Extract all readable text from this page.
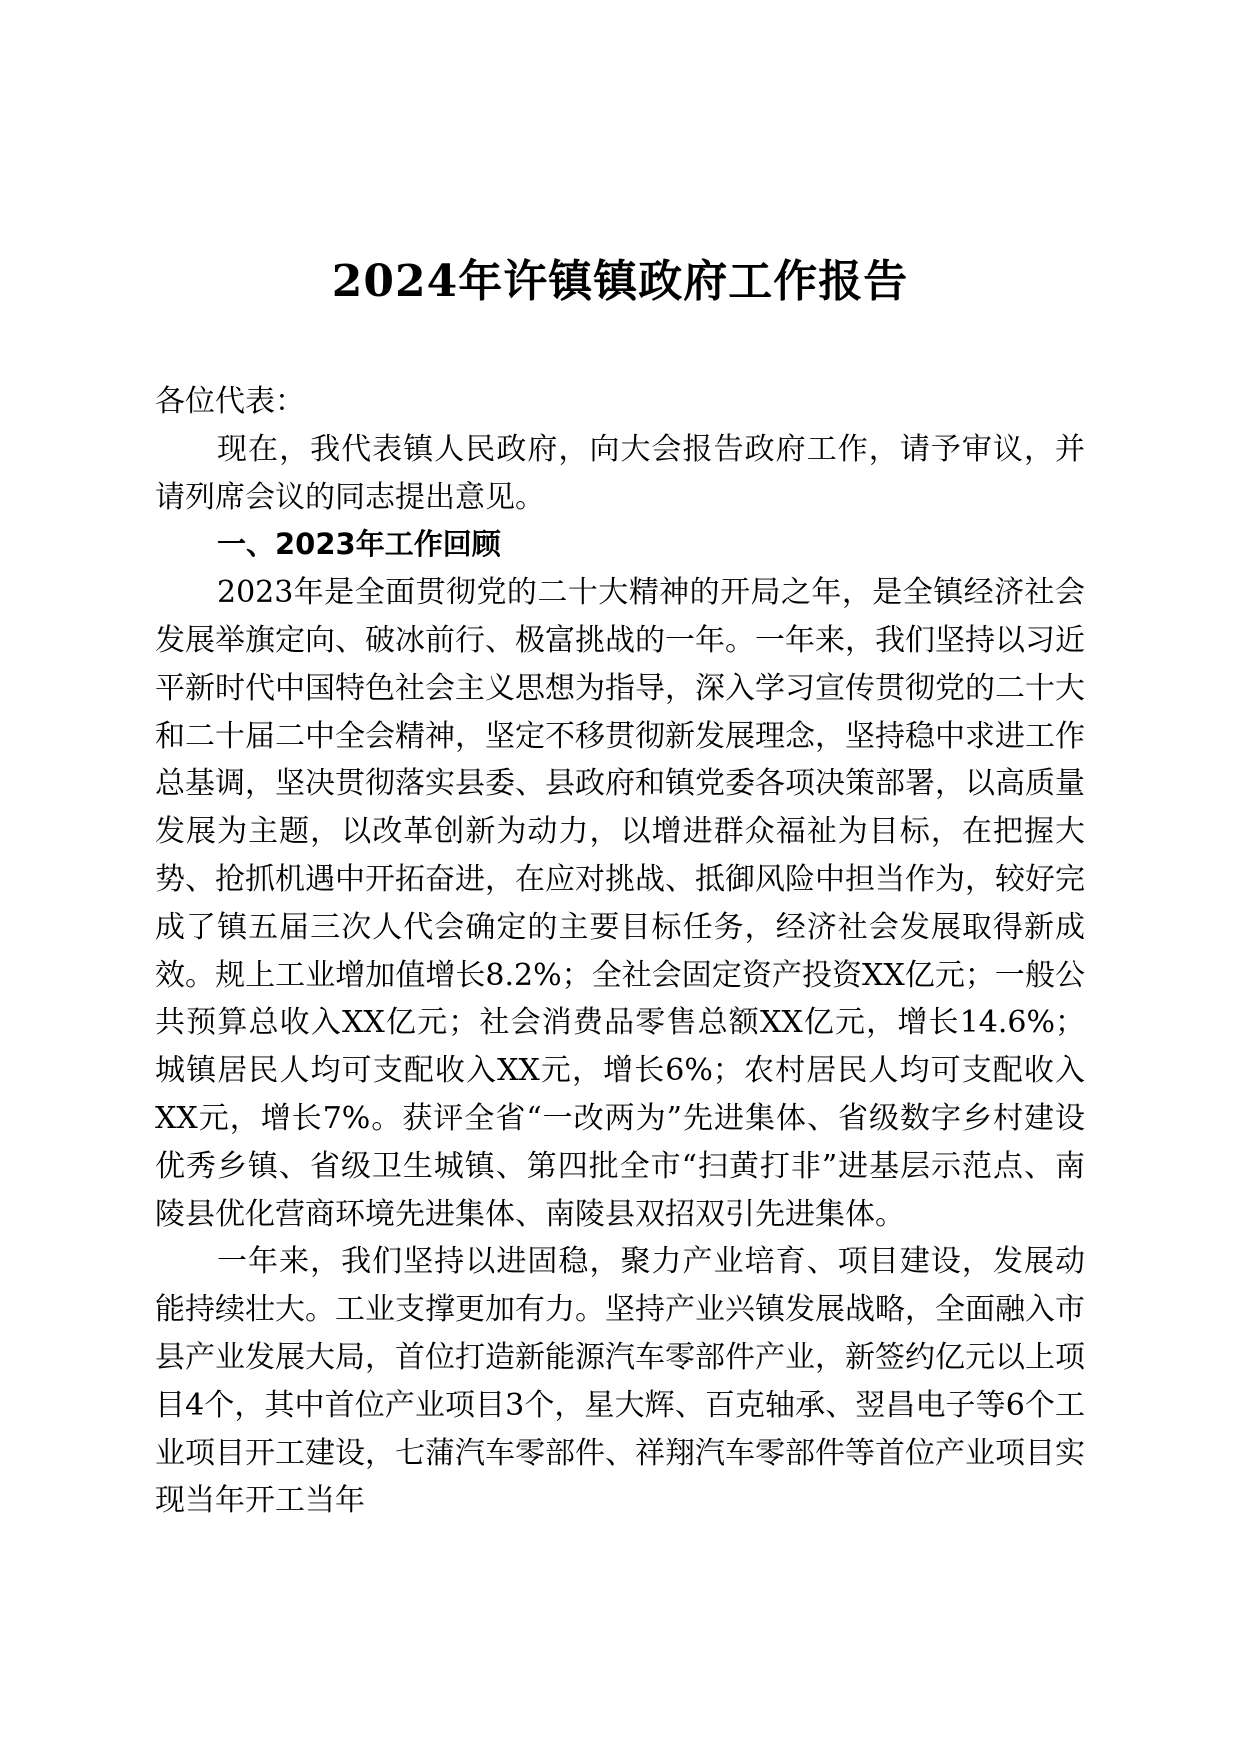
2024年许镇镇政府工作报告

各位代表：

现在，我代表镇人民政府，向大会报告政府工作，请予审议，并请列席会议的同志提出意见。

一、2023年工作回顾

2023年是全面贯彻党的二十大精神的开局之年，是全镇经济社会发展举旗定向、破冰前行、极富挑战的一年。一年来，我们坚持以习近平新时代中国特色社会主义思想为指导，深入学习宣传贯彻党的二十大和二十届二中全会精神，坚定不移贯彻新发展理念，坚持稳中求进工作总基调，坚决贯彻落实县委、县政府和镇党委各项决策部署，以高质量发展为主题，以改革创新为动力，以增进群众福祉为目标，在把握大势、抢抓机遇中开拓奋进，在应对挑战、抵御风险中担当作为，较好完成了镇五届三次人代会确定的主要目标任务，经济社会发展取得新成效。规上工业增加值增长8.2%；全社会固定资产投资XX亿元；一般公共预算总收入XX亿元；社会消费品零售总额XX亿元，增长14.6%；城镇居民人均可支配收入XX元，增长6%；农村居民人均可支配收入XX元，增长7%。获评全省“一改两为”先进集体、省级数字乡村建设优秀乡镇、省级卫生城镇、第四批全市“扫黄打非”进基层示范点、南陵县优化营商环境先进集体、南陵县双招双引先进集体。

一年来，我们坚持以进固稳，聚力产业培育、项目建设，发展动能持续壮大。工业支撑更加有力。坚持产业兴镇发展战略，全面融入市县产业发展大局，首位打造新能源汽车零部件产业，新签约亿元以上项目4个，其中首位产业项目3个，星大辉、百克轴承、翌昌电子等6个工业项目开工建设，七蒲汽车零部件、祥翔汽车零部件等首位产业项目实现当年开工当年
